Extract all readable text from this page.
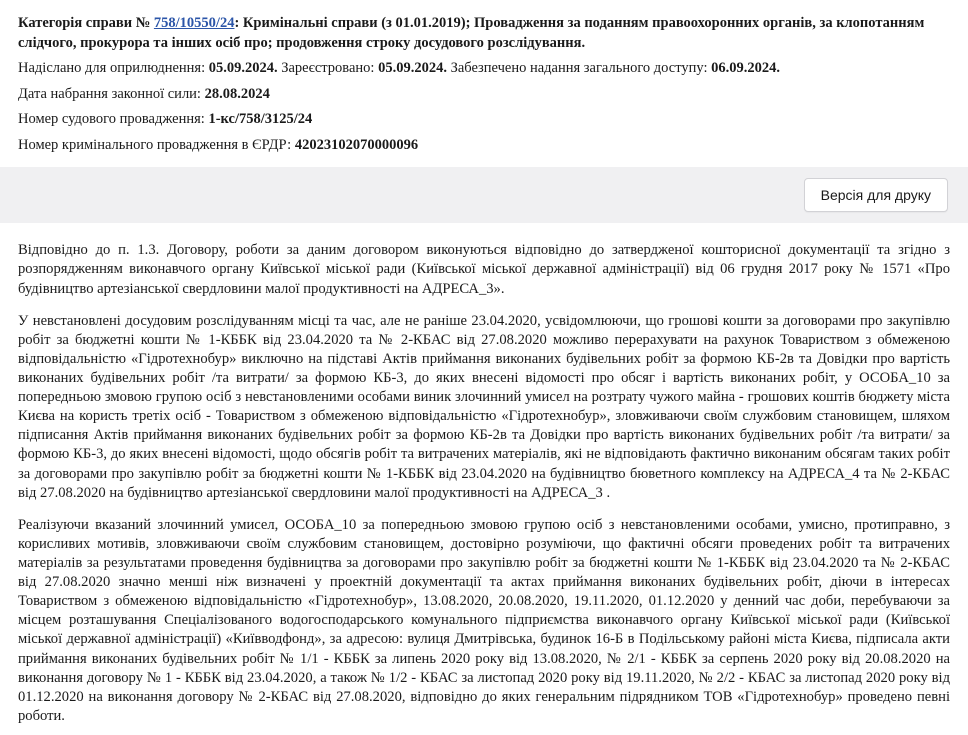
Категорія справи № 758/10550/24: Кримінальні справи (з 01.01.2019); Провадження за поданням правоохоронних органів, за клопотанням слідчого, прокурора та інших осіб про; продовження строку досудового розслідування.

Надіслано для оприлюднення: 05.09.2024. Зареєстровано: 05.09.2024. Забезпечено надання загального доступу: 06.09.2024.

Дата набрання законної сили: 28.08.2024

Номер судового провадження: 1-кс/758/3125/24

Номер кримінального провадження в ЄРДР: 42023102070000096

Версія для друку

Відповідно до п. 1.3. Договору, роботи за даним договором виконуються відповідно до затвердженої кошторисної документації та згідно з розпорядженням виконавчого органу Київської міської ради (Київської міської державної адміністрації) від 06 грудня 2017 року № 1571 «Про будівництво артезіанської свердловини малої продуктивності на АДРЕСА_3».

У невстановлені досудовим розслідуванням місці та час, але не раніше 23.04.2020, усвідомлюючи, що грошові кошти за договорами про закупівлю робіт за бюджетні кошти № 1-КББК від 23.04.2020 та № 2-КБАС від 27.08.2020 можливо перерахувати на рахунок Товариством з обмеженою відповідальністю «Гідротехнобур» виключно на підставі Актів приймання виконаних будівельних робіт за формою КБ-2в та Довідки про вартість виконаних будівельних робіт /та витрати/ за формою КБ-3, до яких внесені відомості про обсяг і вартість виконаних робіт, у ОСОБА_10 за попередньою змовою групою осіб з невстановленими особами виник злочинний умисел на розтрату чужого майна - грошових коштів бюджету міста Києва на користь третіх осіб - Товариством з обмеженою відповідальністю «Гідротехнобур», зловживаючи своїм службовим становищем, шляхом підписання Актів приймання виконаних будівельних робіт за формою КБ-2в та Довідки про вартість виконаних будівельних робіт /та витрати/ за формою КБ-3, до яких внесені відомості, щодо обсягів робіт та витрачених матеріалів, які не відповідають фактично виконаним обсягам таких робіт за договорами про закупівлю робіт за бюджетні кошти № 1-КББК від 23.04.2020 на будівництво бюветного комплексу на АДРЕСА_4 та № 2-КБАС від 27.08.2020 на будівництво артезіанської свердловини малої продуктивності на АДРЕСА_3 .

Реалізуючи вказаний злочинний умисел, ОСОБА_10 за попередньою змовою групою осіб з невстановленими особами, умисно, протиправно, з корисливих мотивів, зловживаючи своїм службовим становищем, достовірно розуміючи, що фактичні обсяги проведених робіт та витрачених матеріалів за результатами проведення будівництва за договорами про закупівлю робіт за бюджетні кошти № 1-КББК від 23.04.2020 та № 2-КБАС від 27.08.2020 значно менші ніж визначені у проектній документації та актах приймання виконаних будівельних робіт, діючи в інтересах Товариством з обмеженою відповідальністю «Гідротехнобур», 13.08.2020, 20.08.2020, 19.11.2020, 01.12.2020 у денний час доби, перебуваючи за місцем розташування Спеціалізованого водогосподарського комунального підприємства виконавчого органу Київської міської ради (Київської міської державної адміністрації) «Київводфонд», за адресою: вулиця Дмитрівська, будинок 16-Б в Подільському районі міста Києва, підписала акти приймання виконаних будівельних робіт № 1/1 - КББК за липень 2020 року від 13.08.2020, № 2/1 - КББК за серпень 2020 року від 20.08.2020 на виконання договору № 1 - КББК від 23.04.2020, а також № 1/2 - КБАС за листопад 2020 року від 19.11.2020, № 2/2 - КБАС за листопад 2020 року від 01.12.2020 на виконання договору № 2-КБАС від 27.08.2020, відповідно до яких генеральним підрядником ТОВ «Гідротехнобур» проведено певні роботи.
